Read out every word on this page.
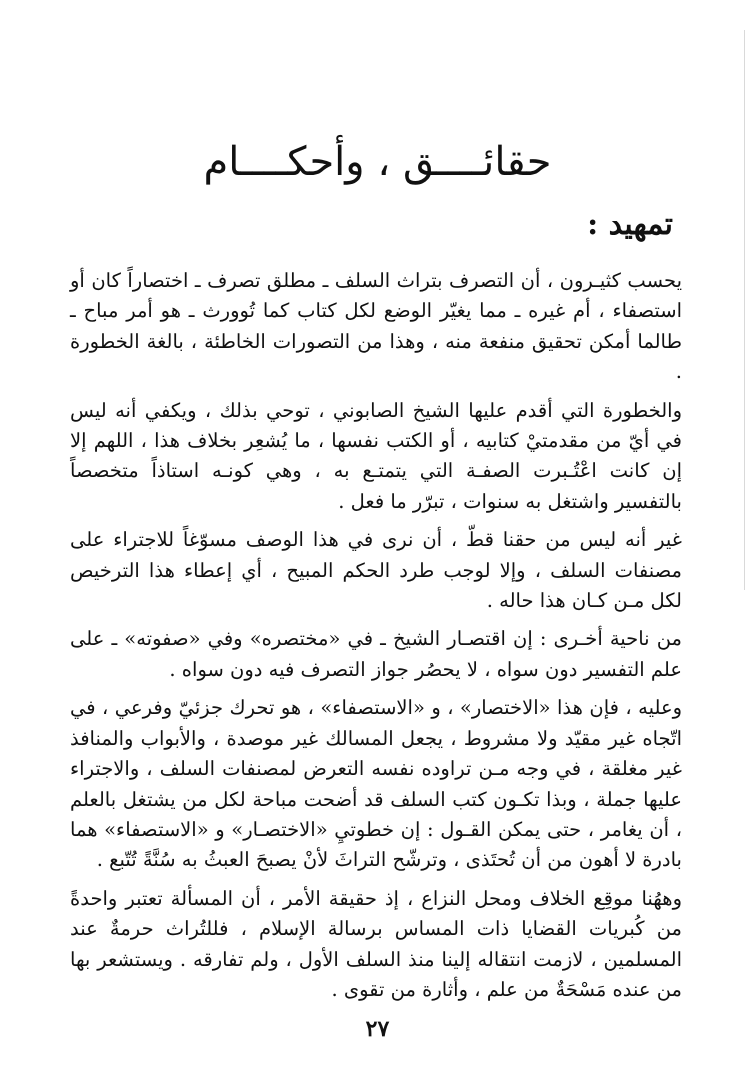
حقائــــق ، وأحكــــام
تمهيد :

يحسب كثيـرون ، أن التصرف بتراث السلف ـ مطلق تصرف ـ اختصاراً كان أو استصفاء ، أم غيره ـ مما يغيّر الوضع لكل كتاب كما تُوورث ـ هو أمر مباح ـ طالما أمكن تحقيق منفعة منه ، وهذا من التصورات الخاطئة ، بالغة الخطورة .

والخطورة التي أقدم عليها الشيخ الصابوني ، توحي بذلك ، ويكفي أنه ليس في أيّ من مقدمتيْ كتابيه ، أو الكتب نفسها ، ما يُشعِر بخلاف هذا ، اللهم إلا إن كانت اعْتُـبرت الصفـة التي يتمتـع به ، وهي كونـه استاذاً متخصصاً بالتفسير واشتغل به سنوات ، تبرّر ما فعل .

غير أنه ليس من حقنا قطّ ، أن نرى في هذا الوصف مسوّغاً للاجتراء على مصنفات السلف ، وإلا لوجب طرد الحكم المبيح ، أي إعطاء هذا الترخيص لكل مـن كـان هذا حاله .

من ناحية أخـرى : إن اقتصـار الشيخ ـ في «مختصره» وفي «صفوته» ـ على علم التفسير دون سواه ، لا يحصُر جواز التصرف فيه دون سواه .

وعليه ، فإن هذا «الاختصار» ، و «الاستصفاء» ، هو تحرك جزئيّ وفرعي ، في اتّجاه غير مقيّد ولا مشروط ، يجعل المسالك غير موصدة ، والأبواب والمنافذ غير مغلقة ، في وجه مـن تراوده نفسه التعرض لمصنفات السلف ، والاجتراء عليها جملة ، وبذا تكـون كتب السلف قد أضحت مباحة لكل من يشتغل بالعلم ، أن يغامر ، حتى يمكن القـول : إن خطوتيِ «الاختصـار» و «الاستصفاء» هما بادرة لا أهون من أن تُحتَذى ، وترشّح التراثَ لأنْ يصبحَ العبثُ به سُنَّةً تُتّبع .

وههُنا موقِع الخلاف ومحل النزاع ، إذ حقيقة الأمر ، أن المسألة تعتبر واحدةً من كُبريات القضايا ذات المساس برسالة الإسلام ، فللتُراث حرمةٌ عند المسلمين ، لازمت انتقاله إلينا منذ السلف الأول ، ولم تفارقه . ويستشعر بها من عنده مَسْحَةٌ من علم ، وأثارة من تقوى .

٢٧
